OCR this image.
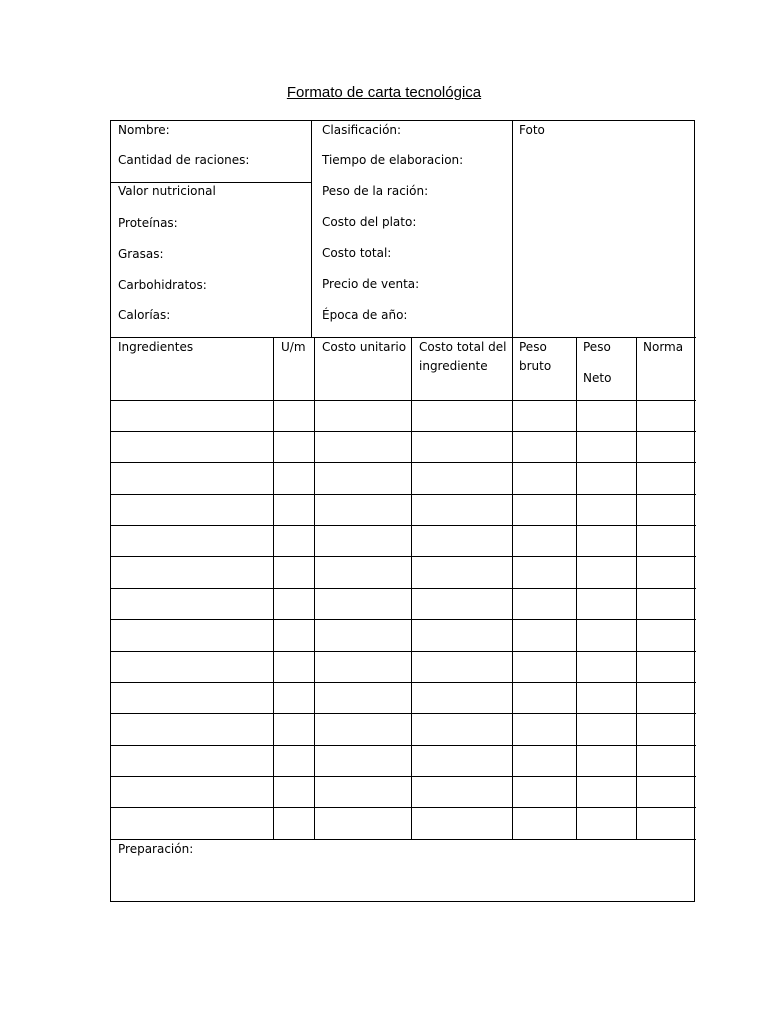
Formato de carta tecnológica
Nombre:
Cantidad de raciones:
Valor nutricional
Proteínas:
Grasas:
Carbohidratos:
Calorías:
Clasificación:
Tiempo de elaboracion:
Peso de la ración:
Costo del plato:
Costo total:
Precio de venta:
Época de año:
Foto
Ingredientes	U/m Costo unitario Costo total del
ingrediente
Peso
bruto
Peso
Neto
Norma
Preparación:
